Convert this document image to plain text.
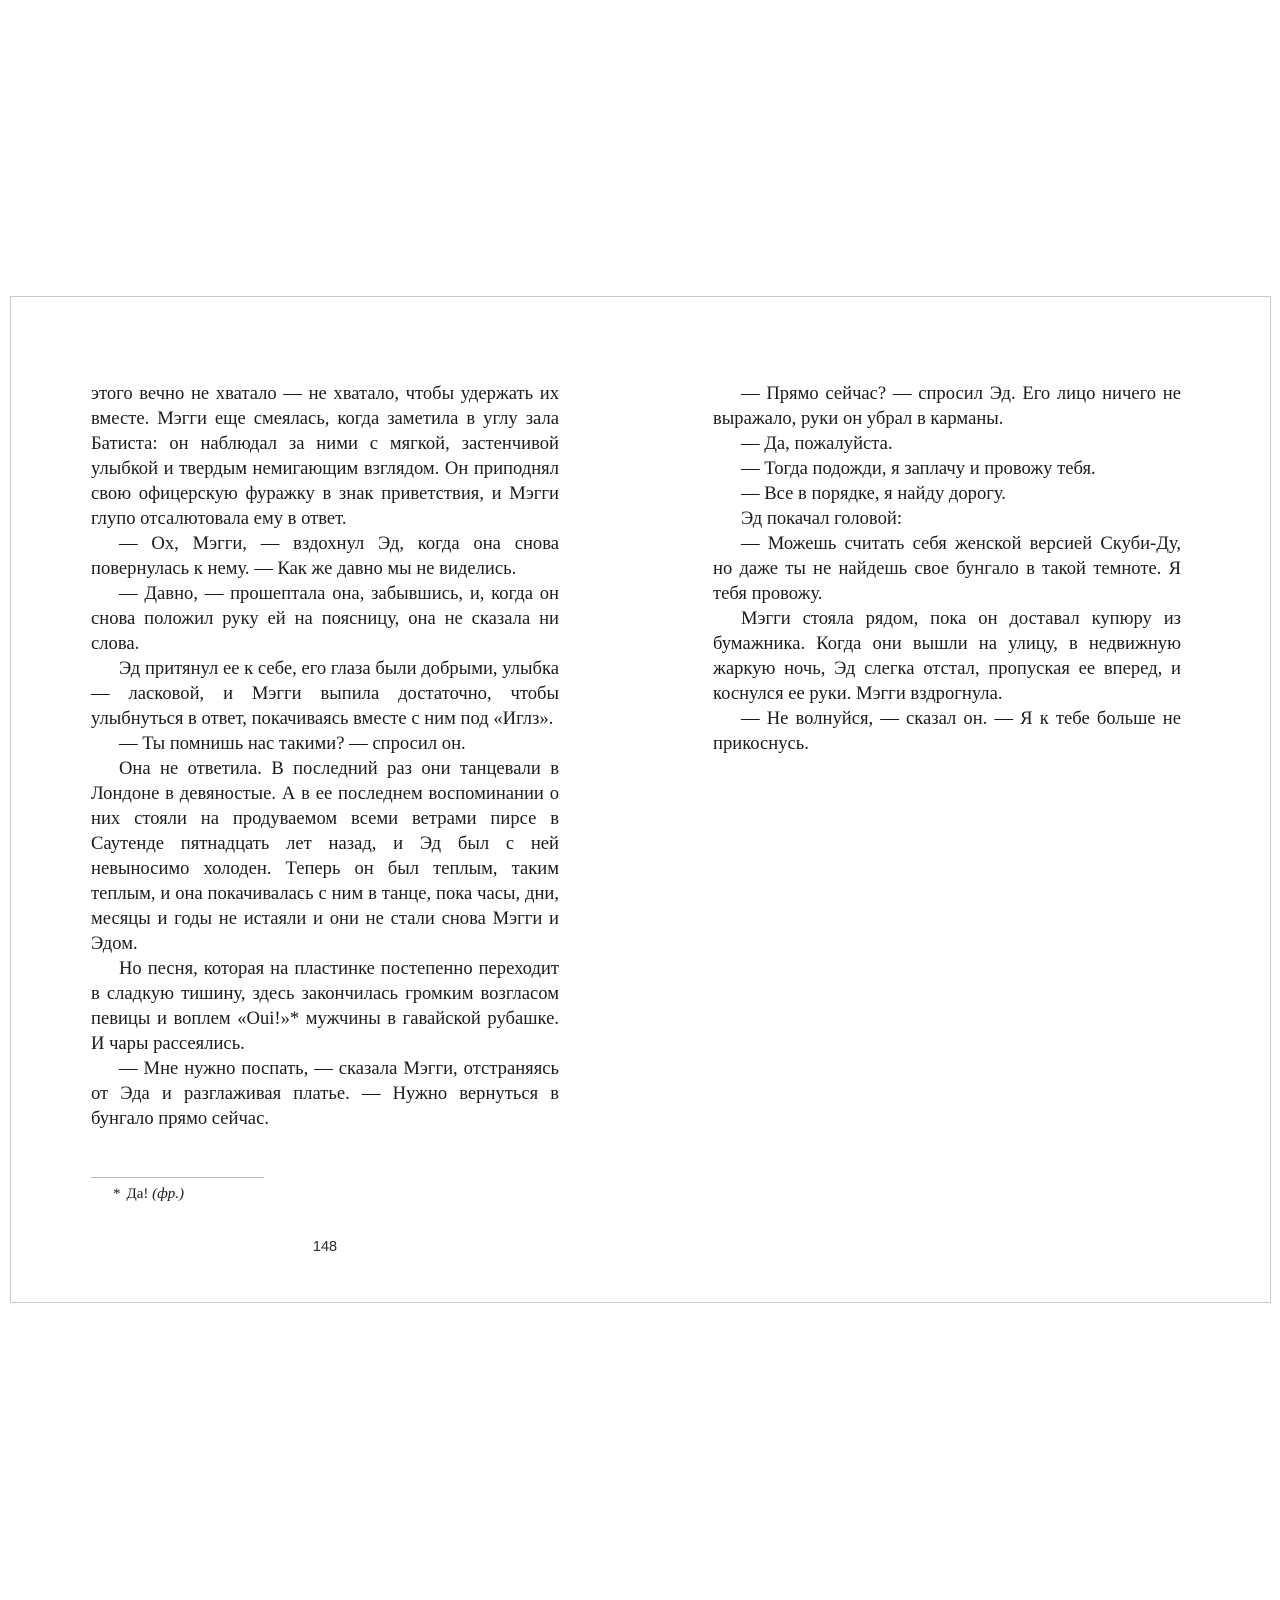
этого вечно не хватало — не хватало, чтобы удержать их вместе. Мэгги еще смеялась, когда заметила в углу зала Батиста: он наблюдал за ними с мягкой, застенчивой улыбкой и твердым немигающим взглядом. Он приподнял свою офицерскую фуражку в знак приветствия, и Мэгги глупо отсалютовала ему в ответ.

— Ох, Мэгги, — вздохнул Эд, когда она снова повернулась к нему. — Как же давно мы не виделись.

— Давно, — прошептала она, забывшись, и, когда он снова положил руку ей на поясницу, она не сказала ни слова.

Эд притянул ее к себе, его глаза были добрыми, улыбка — ласковой, и Мэгги выпила достаточно, чтобы улыбнуться в ответ, покачиваясь вместе с ним под «Иглз».

— Ты помнишь нас такими? — спросил он.

Она не ответила. В последний раз они танцевали в Лондоне в девяностые. А в ее последнем воспоминании о них стояли на продуваемом всеми ветрами пирсе в Саутенде пятнадцать лет назад, и Эд был с ней невыносимо холоден. Теперь он был теплым, таким теплым, и она покачивалась с ним в танце, пока часы, дни, месяцы и годы не истаяли и они не стали снова Мэгги и Эдом.

Но песня, которая на пластинке постепенно переходит в сладкую тишину, здесь закончилась громким возгласом певицы и воплем «Oui!»* мужчины в гавайской рубашке. И чары рассеялись.

— Мне нужно поспать, — сказала Мэгги, отстраняясь от Эда и разглаживая платье. — Нужно вернуться в бунгало прямо сейчас.

* Да! (фр.)
148

— Прямо сейчас? — спросил Эд. Его лицо ничего не выражало, руки он убрал в карманы.

— Да, пожалуйста.

— Тогда подожди, я заплачу и провожу тебя.

— Все в порядке, я найду дорогу.

Эд покачал головой:

— Можешь считать себя женской версией Скуби-Ду, но даже ты не найдешь свое бунгало в такой темноте. Я тебя провожу.

Мэгги стояла рядом, пока он доставал купюру из бумажника. Когда они вышли на улицу, в недвижную жаркую ночь, Эд слегка отстал, пропуская ее вперед, и коснулся ее руки. Мэгги вздрогнула.

— Не волнуйся, — сказал он. — Я к тебе больше не прикоснусь.
